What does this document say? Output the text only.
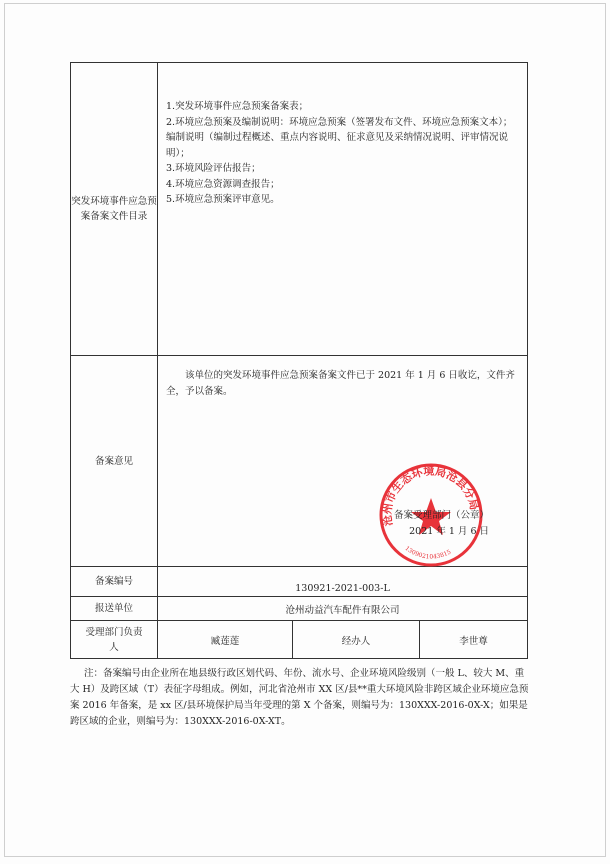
突发环境事件应急预案备案文件目录	1.突发环境事件应急预案备案表；
2.环境应急预案及编制说明：环境应急预案（签署发布文件、环境应急预案文本）；编制说明（编制过程概述、重点内容说明、征求意见及采纳情况说明、评审情况说明）；
3.环境风险评估报告；
4.环境应急资源调查报告；
5.环境应急预案评审意见。		

备案意见	该单位的突发环境事件应急预案备案文件已于 2021 年 1 月 6 日收讫，文件齐全，予以备案。
沧州市生态环境局沧县分局
1309021043815
备案受理部门（公章）
2021 年 1 月 6 日		

备案编号	130921-2021-003-L		
报送单位	沧州动益汽车配件有限公司		
受理部门负责人	臧莲莲	经办人	李世尊
注：备案编号由企业所在地县级行政区划代码、年份、流水号、企业环境风险级别（一般 L、较大 M、重大 H）及跨区域（T）表征字母组成。例如，河北省沧州市 XX 区/县**重大环境风险非跨区域企业环境应急预案 2016 年备案，是 xx 区/县环境保护局当年受理的第 X 个备案，则编号为：130XXX-2016-0X-X；如果是跨区域的企业，则编号为：130XXX-2016-0X-XT。
